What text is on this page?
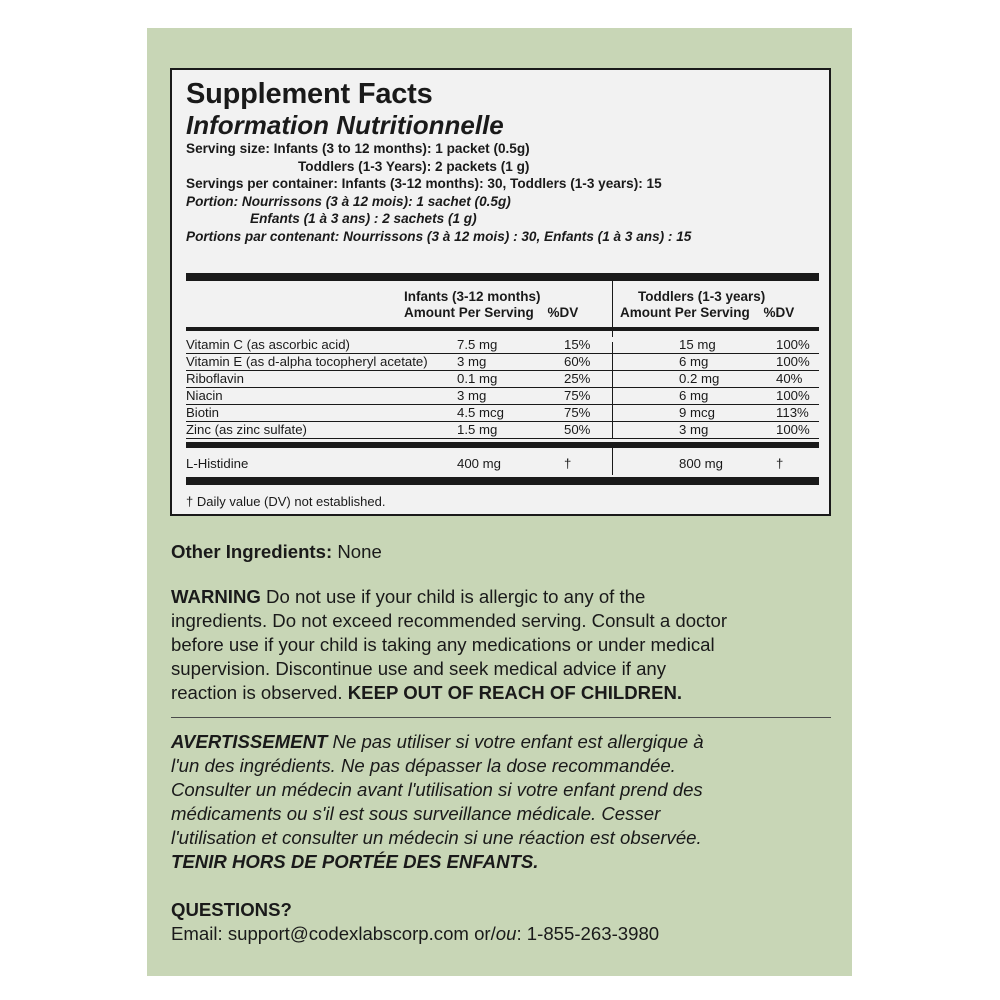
Supplement Facts
Information Nutritionnelle
Serving size: Infants (3 to 12 months): 1 packet (0.5g)
Toddlers (1-3 Years): 2 packets (1 g)
Servings per container: Infants (3-12 months): 30, Toddlers (1-3 years): 15
Portion: Nourrissons (3 à 12 mois): 1 sachet (0.5g)
Enfants (1 à 3 ans) : 2 sachets (1 g)
Portions par contenant: Nourrissons (3 à 12 mois) : 30, Enfants (1 à 3 ans) : 15
Infants (3-12 months)
Amount Per Serving %DV
Toddlers (1-3 years)
Amount Per Serving %DV
Vitamin C (as ascorbic acid)	7.5 mg	15%	15 mg	100%
Vitamin E (as d-alpha tocopheryl acetate) 3 mg	60%	6 mg	100%
Riboflavin	0.1 mg	25%	0.2 mg	40%
Niacin	3 mg	75%	6 mg	100%
Biotin	4.5 mcg	75%	9 mcg	113%
Zinc (as zinc sulfate)	1.5 mg	50%	3 mg	100%
L-Histidine	400 mg	†	800 mg	†
† Daily value (DV) not established.
Other Ingredients: None
WARNING Do not use if your child is allergic to any of the
ingredients. Do not exceed recommended serving. Consult a doctor
before use if your child is taking any medications or under medical
supervision. Discontinue use and seek medical advice if any
reaction is observed. KEEP OUT OF REACH OF CHILDREN.
AVERTISSEMENT Ne pas utiliser si votre enfant est allergique à
l'un des ingrédients. Ne pas dépasser la dose recommandée.
Consulter un médecin avant l'utilisation si votre enfant prend des
médicaments ou s'il est sous surveillance médicale. Cesser
l'utilisation et consulter un médecin si une réaction est observée.
TENIR HORS DE PORTÉE DES ENFANTS.
QUESTIONS?
Email: support@codexlabscorp.com or/ou: 1-855-263-3980
